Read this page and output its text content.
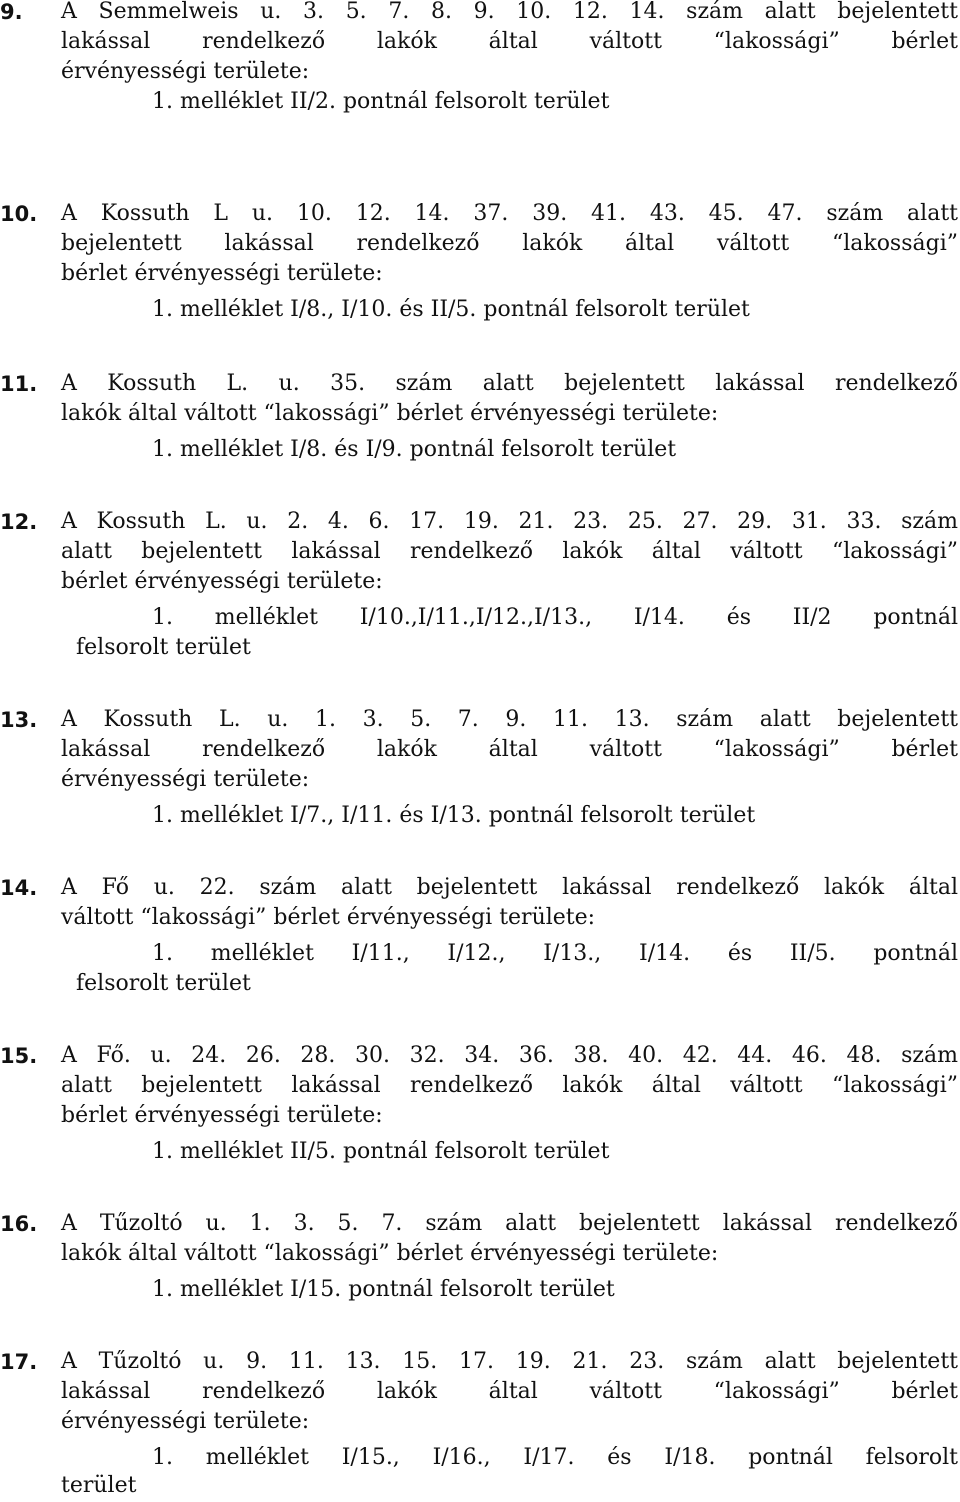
9. A Semmelweis u. 3. 5. 7. 8. 9. 10. 12. 14. szám alatt bejelentett
lakással rendelkező lakók által váltott “lakossági” bérlet
érvényességi területe:
1. melléklet II/2. pontnál felsorolt terület
10. A Kossuth L u. 10. 12. 14. 37. 39. 41. 43. 45. 47. szám alatt
bejelentett lakással rendelkező lakók által váltott “lakossági”
bérlet érvényességi területe:
1. melléklet I/8., I/10. és II/5. pontnál felsorolt terület
11. A Kossuth L. u. 35. szám alatt bejelentett lakással rendelkező
lakók által váltott “lakossági” bérlet érvényességi területe:
1. melléklet I/8. és I/9. pontnál felsorolt terület
12. A Kossuth L. u. 2. 4. 6. 17. 19. 21. 23. 25. 27. 29. 31. 33. szám
alatt bejelentett lakással rendelkező lakók által váltott “lakossági”
bérlet érvényességi területe:
1. melléklet I/10.,I/11.,I/12.,I/13., I/14. és II/2 pontnál
felsorolt terület
13. A Kossuth L. u. 1. 3. 5. 7. 9. 11. 13. szám alatt bejelentett
lakással rendelkező lakók által váltott “lakossági” bérlet
érvényességi területe:
1. melléklet I/7., I/11. és I/13. pontnál felsorolt terület
14. A Fő u. 22. szám alatt bejelentett lakással rendelkező lakók által
váltott “lakossági” bérlet érvényességi területe:
1. melléklet I/11., I/12., I/13., I/14. és II/5. pontnál
felsorolt terület
15. A Fő. u. 24. 26. 28. 30. 32. 34. 36. 38. 40. 42. 44. 46. 48. szám
alatt bejelentett lakással rendelkező lakók által váltott “lakossági”
bérlet érvényességi területe:
1. melléklet II/5. pontnál felsorolt terület
16. A Tűzoltó u. 1. 3. 5. 7. szám alatt bejelentett lakással rendelkező
lakók által váltott “lakossági” bérlet érvényességi területe:
1. melléklet I/15. pontnál felsorolt terület
17. A Tűzoltó u. 9. 11. 13. 15. 17. 19. 21. 23. szám alatt bejelentett
lakással rendelkező lakók által váltott “lakossági” bérlet
érvényességi területe:
1. melléklet I/15., I/16., I/17. és I/18. pontnál felsorolt
terület
